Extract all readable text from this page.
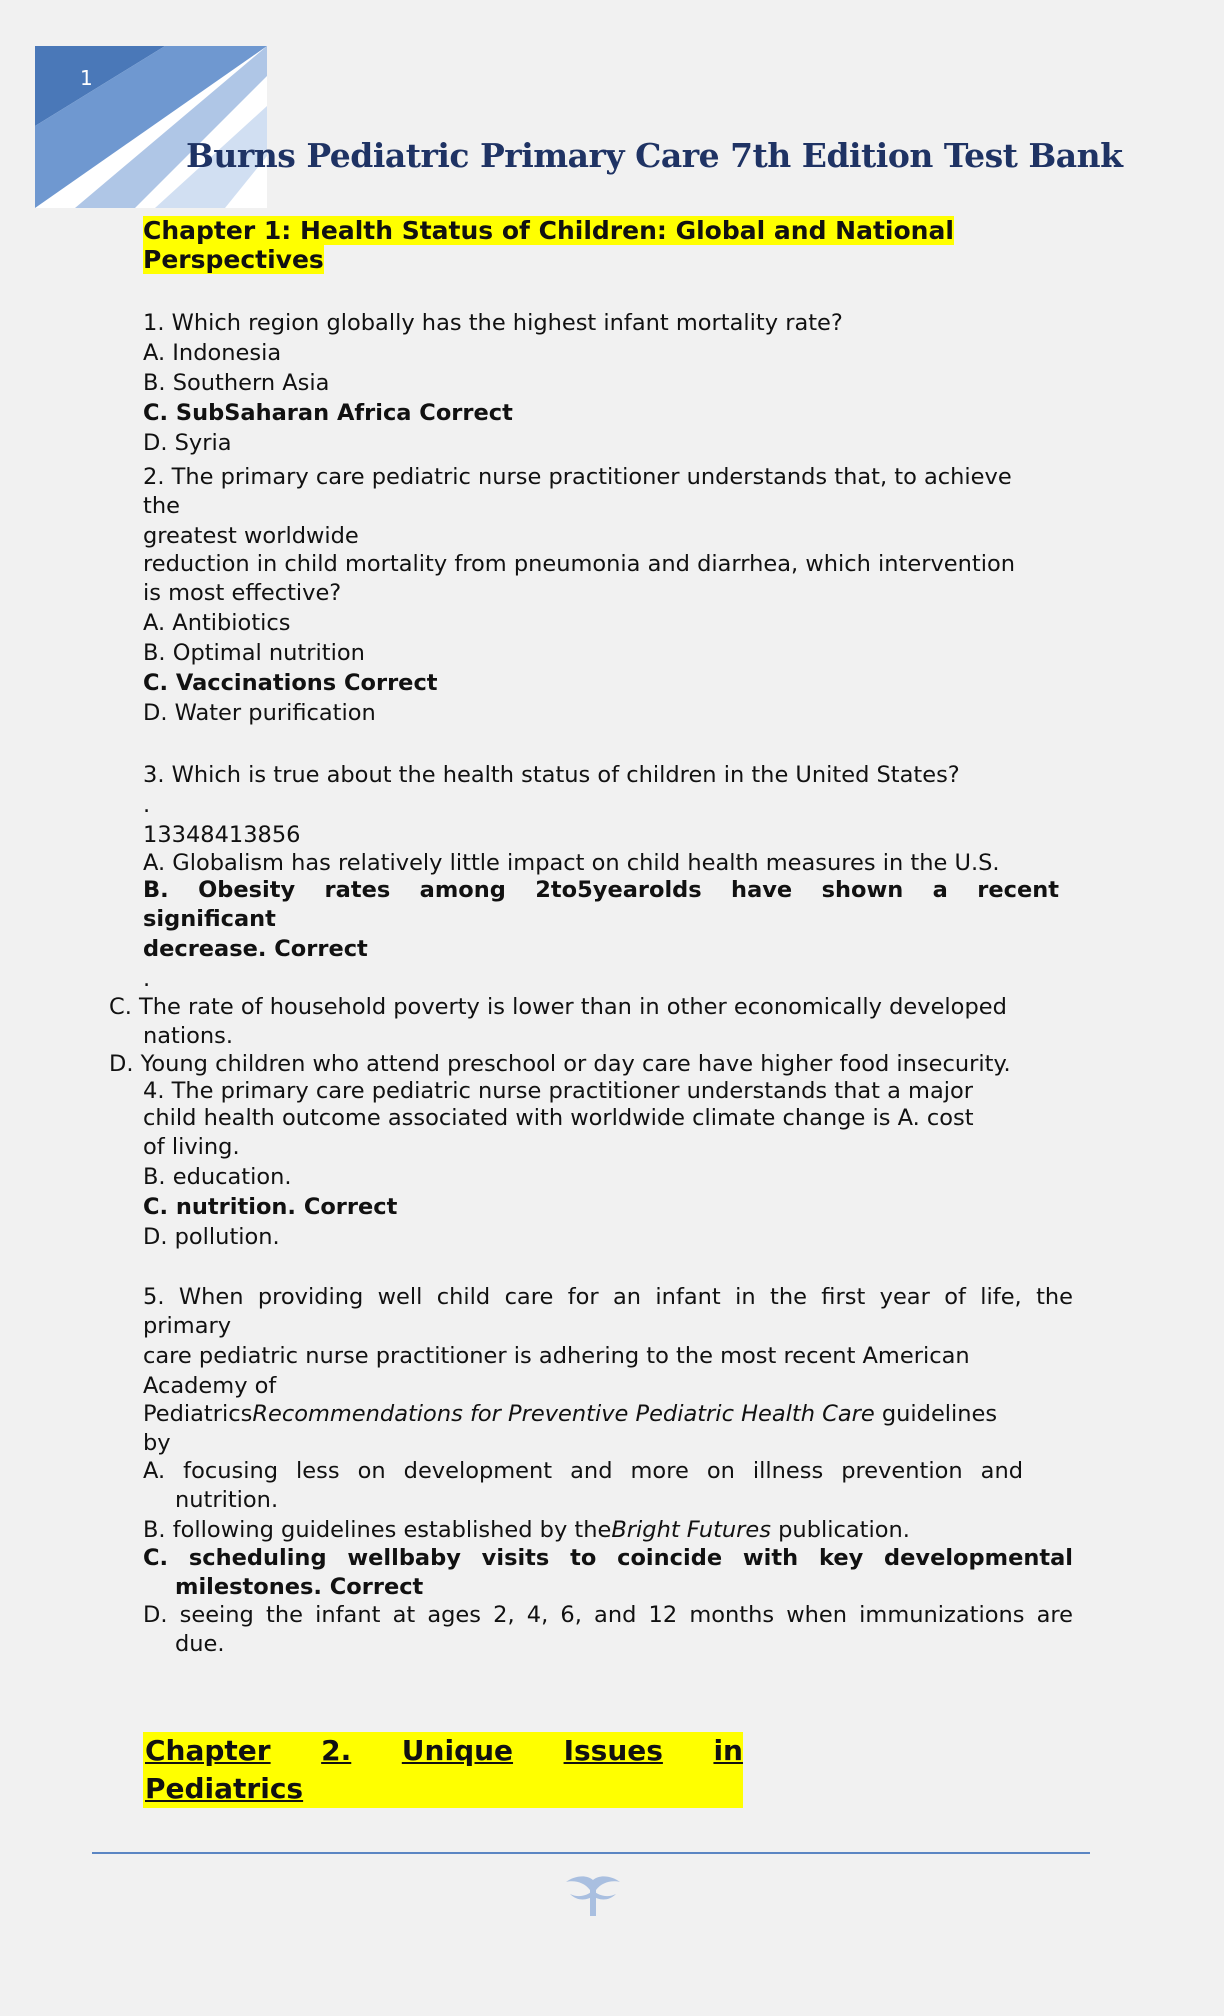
1
Burns Pediatric Primary Care 7th Edition Test Bank
Chapter 1: Health Status of Children: Global and National
Perspectives
1. Which region globally has the highest infant mortality rate?
A. Indonesia
B. Southern Asia
C. SubSaharan Africa Correct
D. Syria
2. The primary care pediatric nurse practitioner understands that, to achieve
the
greatest worldwide
reduction in child mortality from pneumonia and diarrhea, which intervention
is most effective?
A. Antibiotics
B. Optimal nutrition
C. Vaccinations Correct
D. Water purification
3. Which is true about the health status of children in the United States?
.
13348413856
A. Globalism has relatively little impact on child health measures in the U.S.
B. Obesity rates among 2to5yearolds have shown a recent
significant
decrease. Correct
.
C. The rate of household poverty is lower than in other economically developed
nations.
D. Young children who attend preschool or day care have higher food insecurity.
4. The primary care pediatric nurse practitioner understands that a major
child health outcome associated with worldwide climate change is A. cost
of living.
B. education.
C. nutrition. Correct
D. pollution.
5. When providing well child care for an infant in the first year of life, the
primary
care pediatric nurse practitioner is adhering to the most recent American
Academy of
PediatricsRecommendations for Preventive Pediatric Health Care guidelines
by
A. focusing less on development and more on illness prevention and
nutrition.
B. following guidelines established by theBright Futures publication.
C. scheduling wellbaby visits to coincide with key developmental
milestones. Correct
D. seeing the infant at ages 2, 4, 6, and 12 months when immunizations are
due.
Chapter 2. Unique Issues in
Pediatrics
